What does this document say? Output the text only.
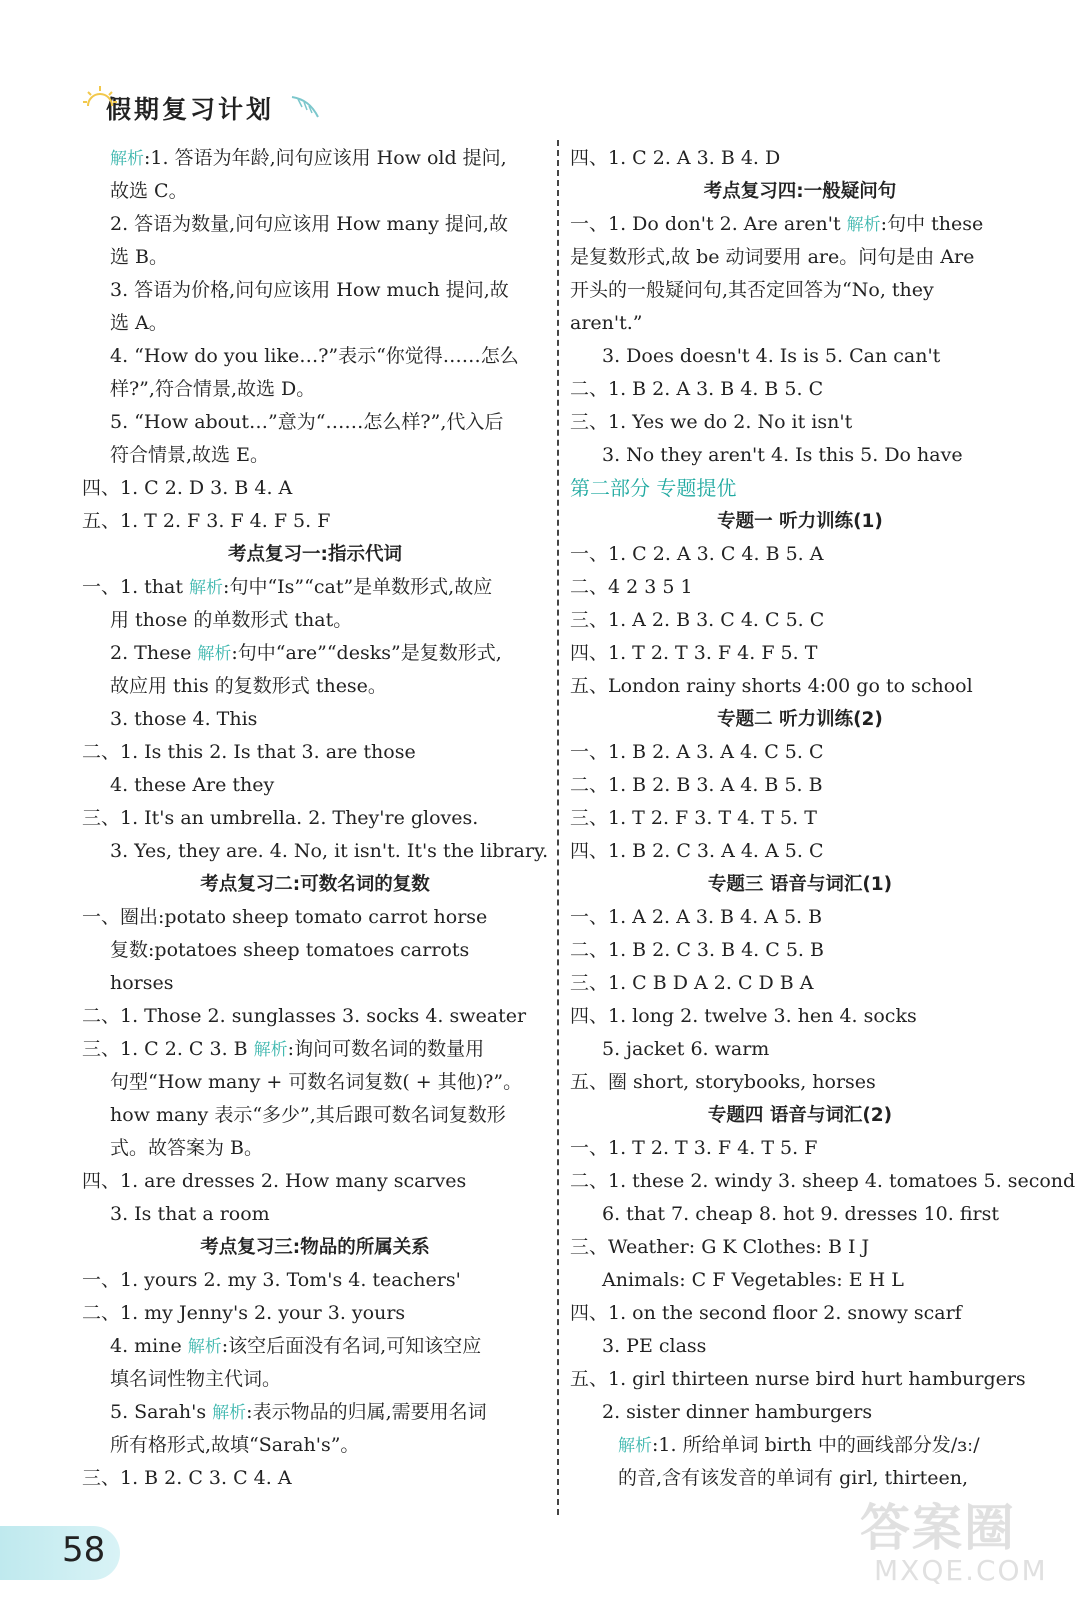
假期复习计划
解析:1. 答语为年龄,问句应该用 How old 提问,
故选 C。
2. 答语为数量,问句应该用 How many 提问,故
选 B。
3. 答语为价格,问句应该用 How much 提问,故
选 A。
4. “How do you like…?”表示“你觉得……怎么
样?”,符合情景,故选 D。
5. “How about…”意为“……怎么样?”,代入后
符合情景,故选 E。
四、1. C 2. D 3. B 4. A
五、1. T 2. F 3. F 4. F 5. F
考点复习一:指示代词
一、1. that 解析:句中“Is”“cat”是单数形式,故应
用 those 的单数形式 that。
2. These 解析:句中“are”“desks”是复数形式,
故应用 this 的复数形式 these。
3. those 4. This
二、1. Is this 2. Is that 3. are those
4. these Are they
三、1. It's an umbrella. 2. They're gloves.
3. Yes, they are. 4. No, it isn't. It's the library.
考点复习二:可数名词的复数
一、圈出:potato sheep tomato carrot horse
复数:potatoes sheep tomatoes carrots
horses
二、1. Those 2. sunglasses 3. socks 4. sweater
三、1. C 2. C 3. B 解析:询问可数名词的数量用
句型“How many + 可数名词复数( + 其他)?”。
how many 表示“多少”,其后跟可数名词复数形
式。故答案为 B。
四、1. are dresses 2. How many scarves
3. Is that a room
考点复习三:物品的所属关系
一、1. yours 2. my 3. Tom's 4. teachers'
二、1. my Jenny's 2. your 3. yours
4. mine 解析:该空后面没有名词,可知该空应
填名词性物主代词。
5. Sarah's 解析:表示物品的归属,需要用名词
所有格形式,故填“Sarah's”。
三、1. B 2. C 3. C 4. A
四、1. C 2. A 3. B 4. D
考点复习四:一般疑问句
一、1. Do don't 2. Are aren't 解析:句中 these
是复数形式,故 be 动词要用 are。问句是由 Are
开头的一般疑问句,其否定回答为“No, they
aren't.”
3. Does doesn't 4. Is is 5. Can can't
二、1. B 2. A 3. B 4. B 5. C
三、1. Yes we do 2. No it isn't
3. No they aren't 4. Is this 5. Do have
第二部分 专题提优
专题一 听力训练(1)
一、1. C 2. A 3. C 4. B 5. A
二、4 2 3 5 1
三、1. A 2. B 3. C 4. C 5. C
四、1. T 2. T 3. F 4. F 5. T
五、London rainy shorts 4:00 go to school
专题二 听力训练(2)
一、1. B 2. A 3. A 4. C 5. C
二、1. B 2. B 3. A 4. B 5. B
三、1. T 2. F 3. T 4. T 5. T
四、1. B 2. C 3. A 4. A 5. C
专题三 语音与词汇(1)
一、1. A 2. A 3. B 4. A 5. B
二、1. B 2. C 3. B 4. C 5. B
三、1. C B D A 2. C D B A
四、1. long 2. twelve 3. hen 4. socks
5. jacket 6. warm
五、圈 short, storybooks, horses
专题四 语音与词汇(2)
一、1. T 2. T 3. F 4. T 5. F
二、1. these 2. windy 3. sheep 4. tomatoes 5. second
6. that 7. cheap 8. hot 9. dresses 10. first
三、Weather: G K Clothes: B I J
Animals: C F Vegetables: E H L
四、1. on the second floor 2. snowy scarf
3. PE class
五、1. girl thirteen nurse bird hurt hamburgers
2. sister dinner hamburgers
解析:1. 所给单词 birth 中的画线部分发/ɜː/
的音,含有该发音的单词有 girl, thirteen,
58	答案圈
MXQE.COM
